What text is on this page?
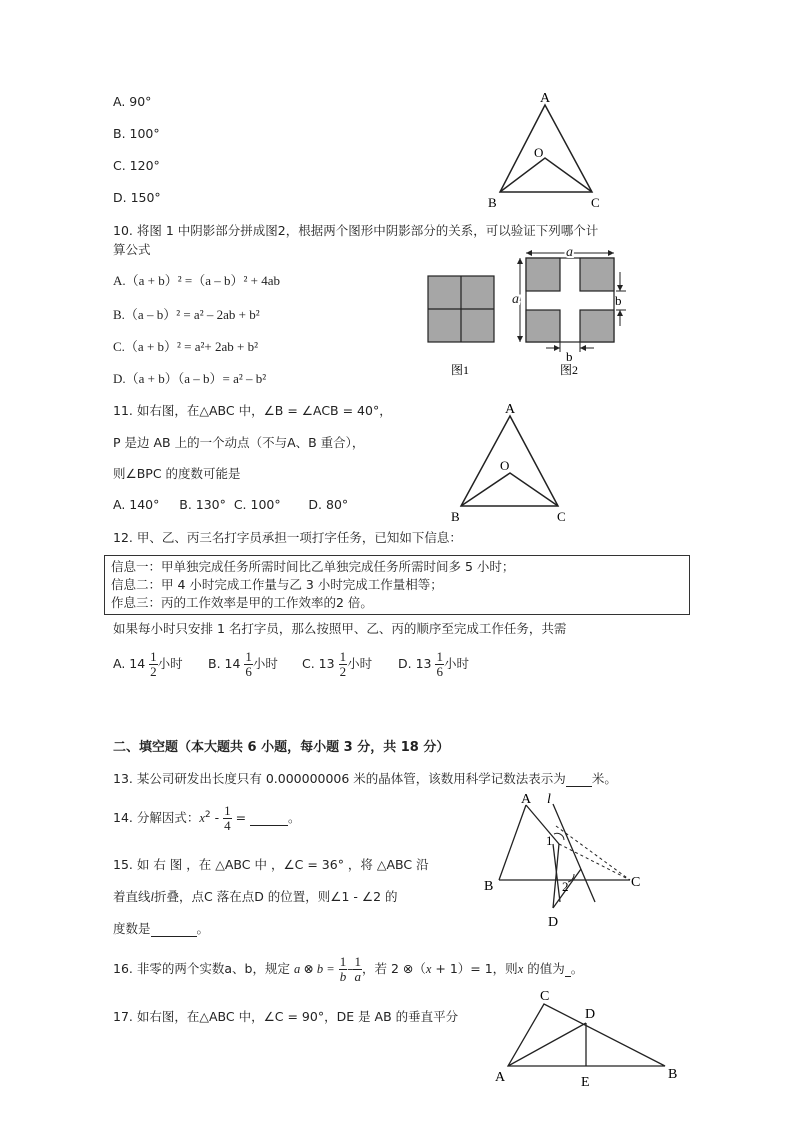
A. 90°
B. 100°
C. 120°
D. 150°
A
O
B	C
10. 将图 1 中阴影部分拼成图2，根据两个图形中阴影部分的关系，可以验证下列哪个计
算公式
A.（a + b）² =（a – b）² + 4ab
B.（a – b）² = a² – 2ab + b²
C.（a + b）² = a²+ 2ab + b²
D.（a + b）（a – b）= a² – b²
图1
a
a	b
b
图2
11. 如右图，在△ABC 中，∠B = ∠ACB = 40°，
P 是边 AB 上的一个动点（不与A、B 重合），
则∠BPC 的度数可能是
A. 140°     B. 130°  C. 100°       D. 80°
A
O
B	C
12. 甲、乙、丙三名打字员承担一项打字任务，已知如下信息：
信息一：甲单独完成任务所需时间比乙单独完成任务所需时间多 5 小时；
信息二：甲 4 小时完成工作量与乙 3 小时完成工作量相等；
作息三：丙的工作效率是甲的工作效率的2 倍。
如果每小时只安排 1 名打字员，那么按照甲、乙、丙的顺序至完成工作任务，共需
A. $14 \frac{1}{2}$ 小时 B. $14 \frac{1}{6}$ 小时 C. $13 \frac{1}{2}$ 小时 D. $13 \frac{1}{6}$ 小时
二、填空题（本大题共 6 小题，每小题 3 分，共 18 分）
13. 某公司研发出长度只有 0.000000006 米的晶体管，该数用科学记数法表示为 米。
14. 分解因式：$x^2 - \frac{1}{4}$ =	。
15. 如 右 图 ，在 △ABC 中 ，∠C = 36° ，将 △ABC 沿
着直线l折叠，点C 落在点D 的位置，则∠1 - ∠2 的
度数是	。
A l
1
B	2	C
D
16. 非零的两个实数a、b，规定 a ⊗ $b = \frac{1}{b} - \frac{1}{a}$ ，若 2 ⊗（x + 1）= 1，则x 的值为 。
17. 如右图，在△ABC 中，∠C = 90°，DE 是 AB 的垂直平分
C
D
A	E
B
